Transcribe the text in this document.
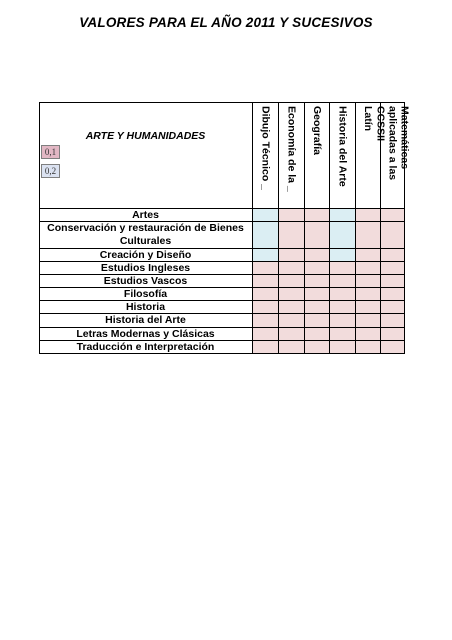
VALORES PARA EL AÑO 2011 Y SUCESIVOS
ARTE Y HUMANIDADES
0,1
0,2
Artes
Conservación y restauración de Bienes Culturales
Creación y Diseño
Estudios Ingleses
Estudios Vascos
Filosofía
Historia
Historia del Arte
Letras Modernas y Clásicas
Traducción e Interpretación
Dibujo Técnico _ Economía de la _ Geografía Historia del Arte Latín	Matemáticas aplicadas a las CCSSII
